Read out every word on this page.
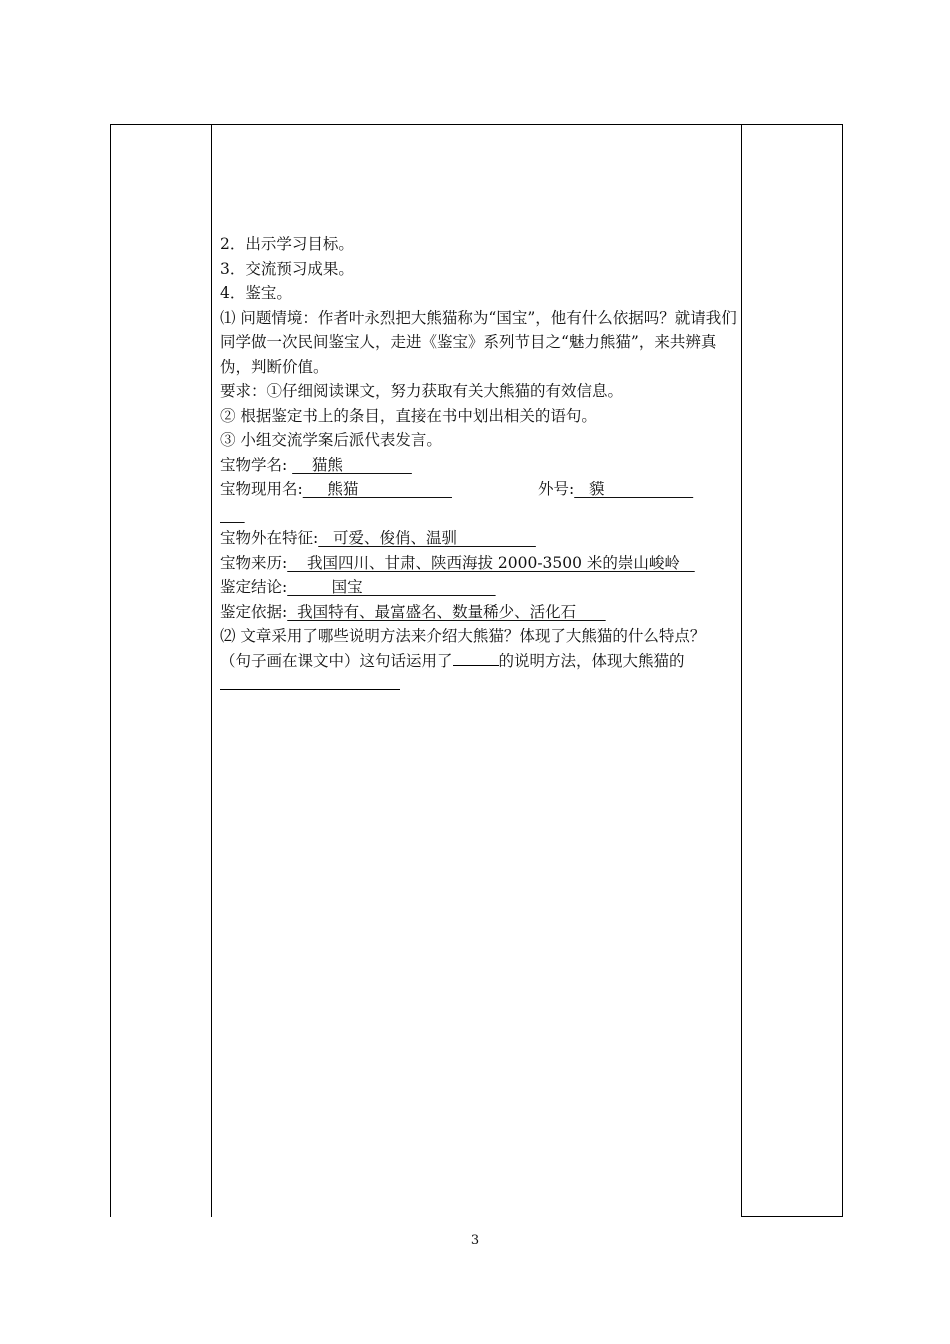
2．出示学习目标。
3．交流预习成果。
4．鉴宝。
⑴ 问题情境：作者叶永烈把大熊猫称为“国宝”，他有什么依据吗？就请我们同学做一次民间鉴宝人，走进《鉴宝》系列节目之“魅力熊猫”，来共辨真伪，判断价值。
要求：①仔细阅读课文，努力获取有关大熊猫的有效信息。
② 根据鉴定书上的条目，直接在书中划出相关的语句。
③ 小组交流学案后派代表发言。
宝物学名:     猫熊
宝物现用名:     熊猫	外号:   貘

宝物外在特征:   可爱、俊俏、温驯
宝物来历:    我国四川、甘肃、陕西海拔 2000-3500 米的崇山峻岭
鉴定结论:         国宝
鉴定依据:  我国特有、最富盛名、数量稀少、活化石
⑵ 文章采用了哪些说明方法来介绍大熊猫？体现了大熊猫的什么特点？
（句子画在课文中）这句话运用了	的说明方法，体现大熊猫的
3
